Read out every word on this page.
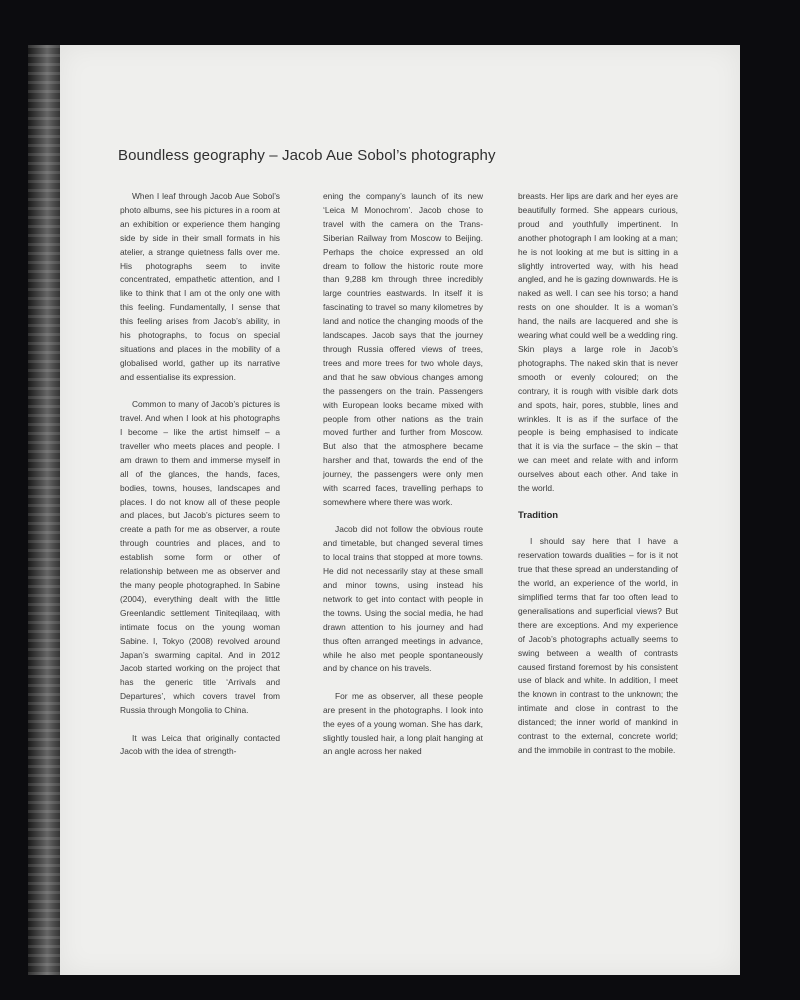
Boundless geography – Jacob Aue Sobol’s photography

When I leaf through Jacob Aue Sobol’s photo albums, see his pictures in a room at an exhibition or experience them hanging side by side in their small formats in his atelier, a strange quietness falls over me. His photographs seem to invite concentrated, empathetic attention, and I like to think that I am ot the only one with this feeling. Fundamentally, I sense that this feeling arises from Jacob’s ability, in his photographs, to focus on special situations and places in the mobility of a globalised world, gather up its narrative and essentialise its expression.

Common to many of Jacob’s pictures is travel. And when I look at his photographs I become – like the artist himself – a traveller who meets places and people. I am drawn to them and immerse myself in all of the glances, the hands, faces, bodies, towns, houses, landscapes and places. I do not know all of these people and places, but Jacob’s pictures seem to create a path for me as observer, a route through countries and places, and to establish some form or other of relationship between me as observer and the many people photographed. In Sabine (2004), everything dealt with the little Greenlandic settlement Tiniteqilaaq, with intimate focus on the young woman Sabine. I, Tokyo (2008) revolved around Japan’s swarming capital. And in 2012 Jacob started working on the project that has the generic title ‘Arrivals and Departures’, which covers travel from Russia through Mongolia to China.

It was Leica that originally contacted Jacob with the idea of strength-

ening the company’s launch of its new ‘Leica M Monochrom’. Jacob chose to travel with the camera on the Trans-Siberian Railway from Moscow to Beijing. Perhaps the choice expressed an old dream to follow the historic route more than 9,288 km through three incredibly large countries eastwards. In itself it is fascinating to travel so many kilometres by land and notice the changing moods of the landscapes. Jacob says that the journey through Russia offered views of trees, trees and more trees for two whole days, and that he saw obvious changes among the passengers on the train. Passengers with European looks became mixed with people from other nations as the train moved further and further from Moscow. But also that the atmosphere became harsher and that, towards the end of the journey, the passengers were only men with scarred faces, travelling perhaps to somewhere where there was work.

Jacob did not follow the obvious route and timetable, but changed several times to local trains that stopped at more towns. He did not necessarily stay at these small and minor towns, using instead his network to get into contact with people in the towns. Using the social media, he had drawn attention to his journey and had thus often arranged meetings in advance, while he also met people spontaneously and by chance on his travels.

For me as observer, all these people are present in the photographs. I look into the eyes of a young woman. She has dark, slightly tousled hair, a long plait hanging at an angle across her naked

breasts. Her lips are dark and her eyes are beautifully formed. She appears curious, proud and youthfully impertinent. In another photograph I am looking at a man; he is not looking at me but is sitting in a slightly introverted way, with his head angled, and he is gazing downwards. He is naked as well. I can see his torso; a hand rests on one shoulder. It is a woman’s hand, the nails are lacquered and she is wearing what could well be a wedding ring. Skin plays a large role in Jacob’s photographs. The naked skin that is never smooth or evenly coloured; on the contrary, it is rough with visible dark dots and spots, hair, pores, stubble, lines and wrinkles. It is as if the surface of the people is being emphasised to indicate that it is via the surface – the skin – that we can meet and relate with and inform ourselves about each other. And take in the world.

Tradition

I should say here that I have a reservation towards dualities – for is it not true that these spread an understanding of the world, an experience of the world, in simplified terms that far too often lead to generalisations and superficial views? But there are exceptions. And my experience of Jacob’s photographs actually seems to swing between a wealth of contrasts caused firstand foremost by his consistent use of black and white. In addition, I meet the known in contrast to the unknown; the intimate and close in contrast to the distanced; the inner world of mankind in contrast to the external, concrete world; and the immobile in contrast to the mobile.
